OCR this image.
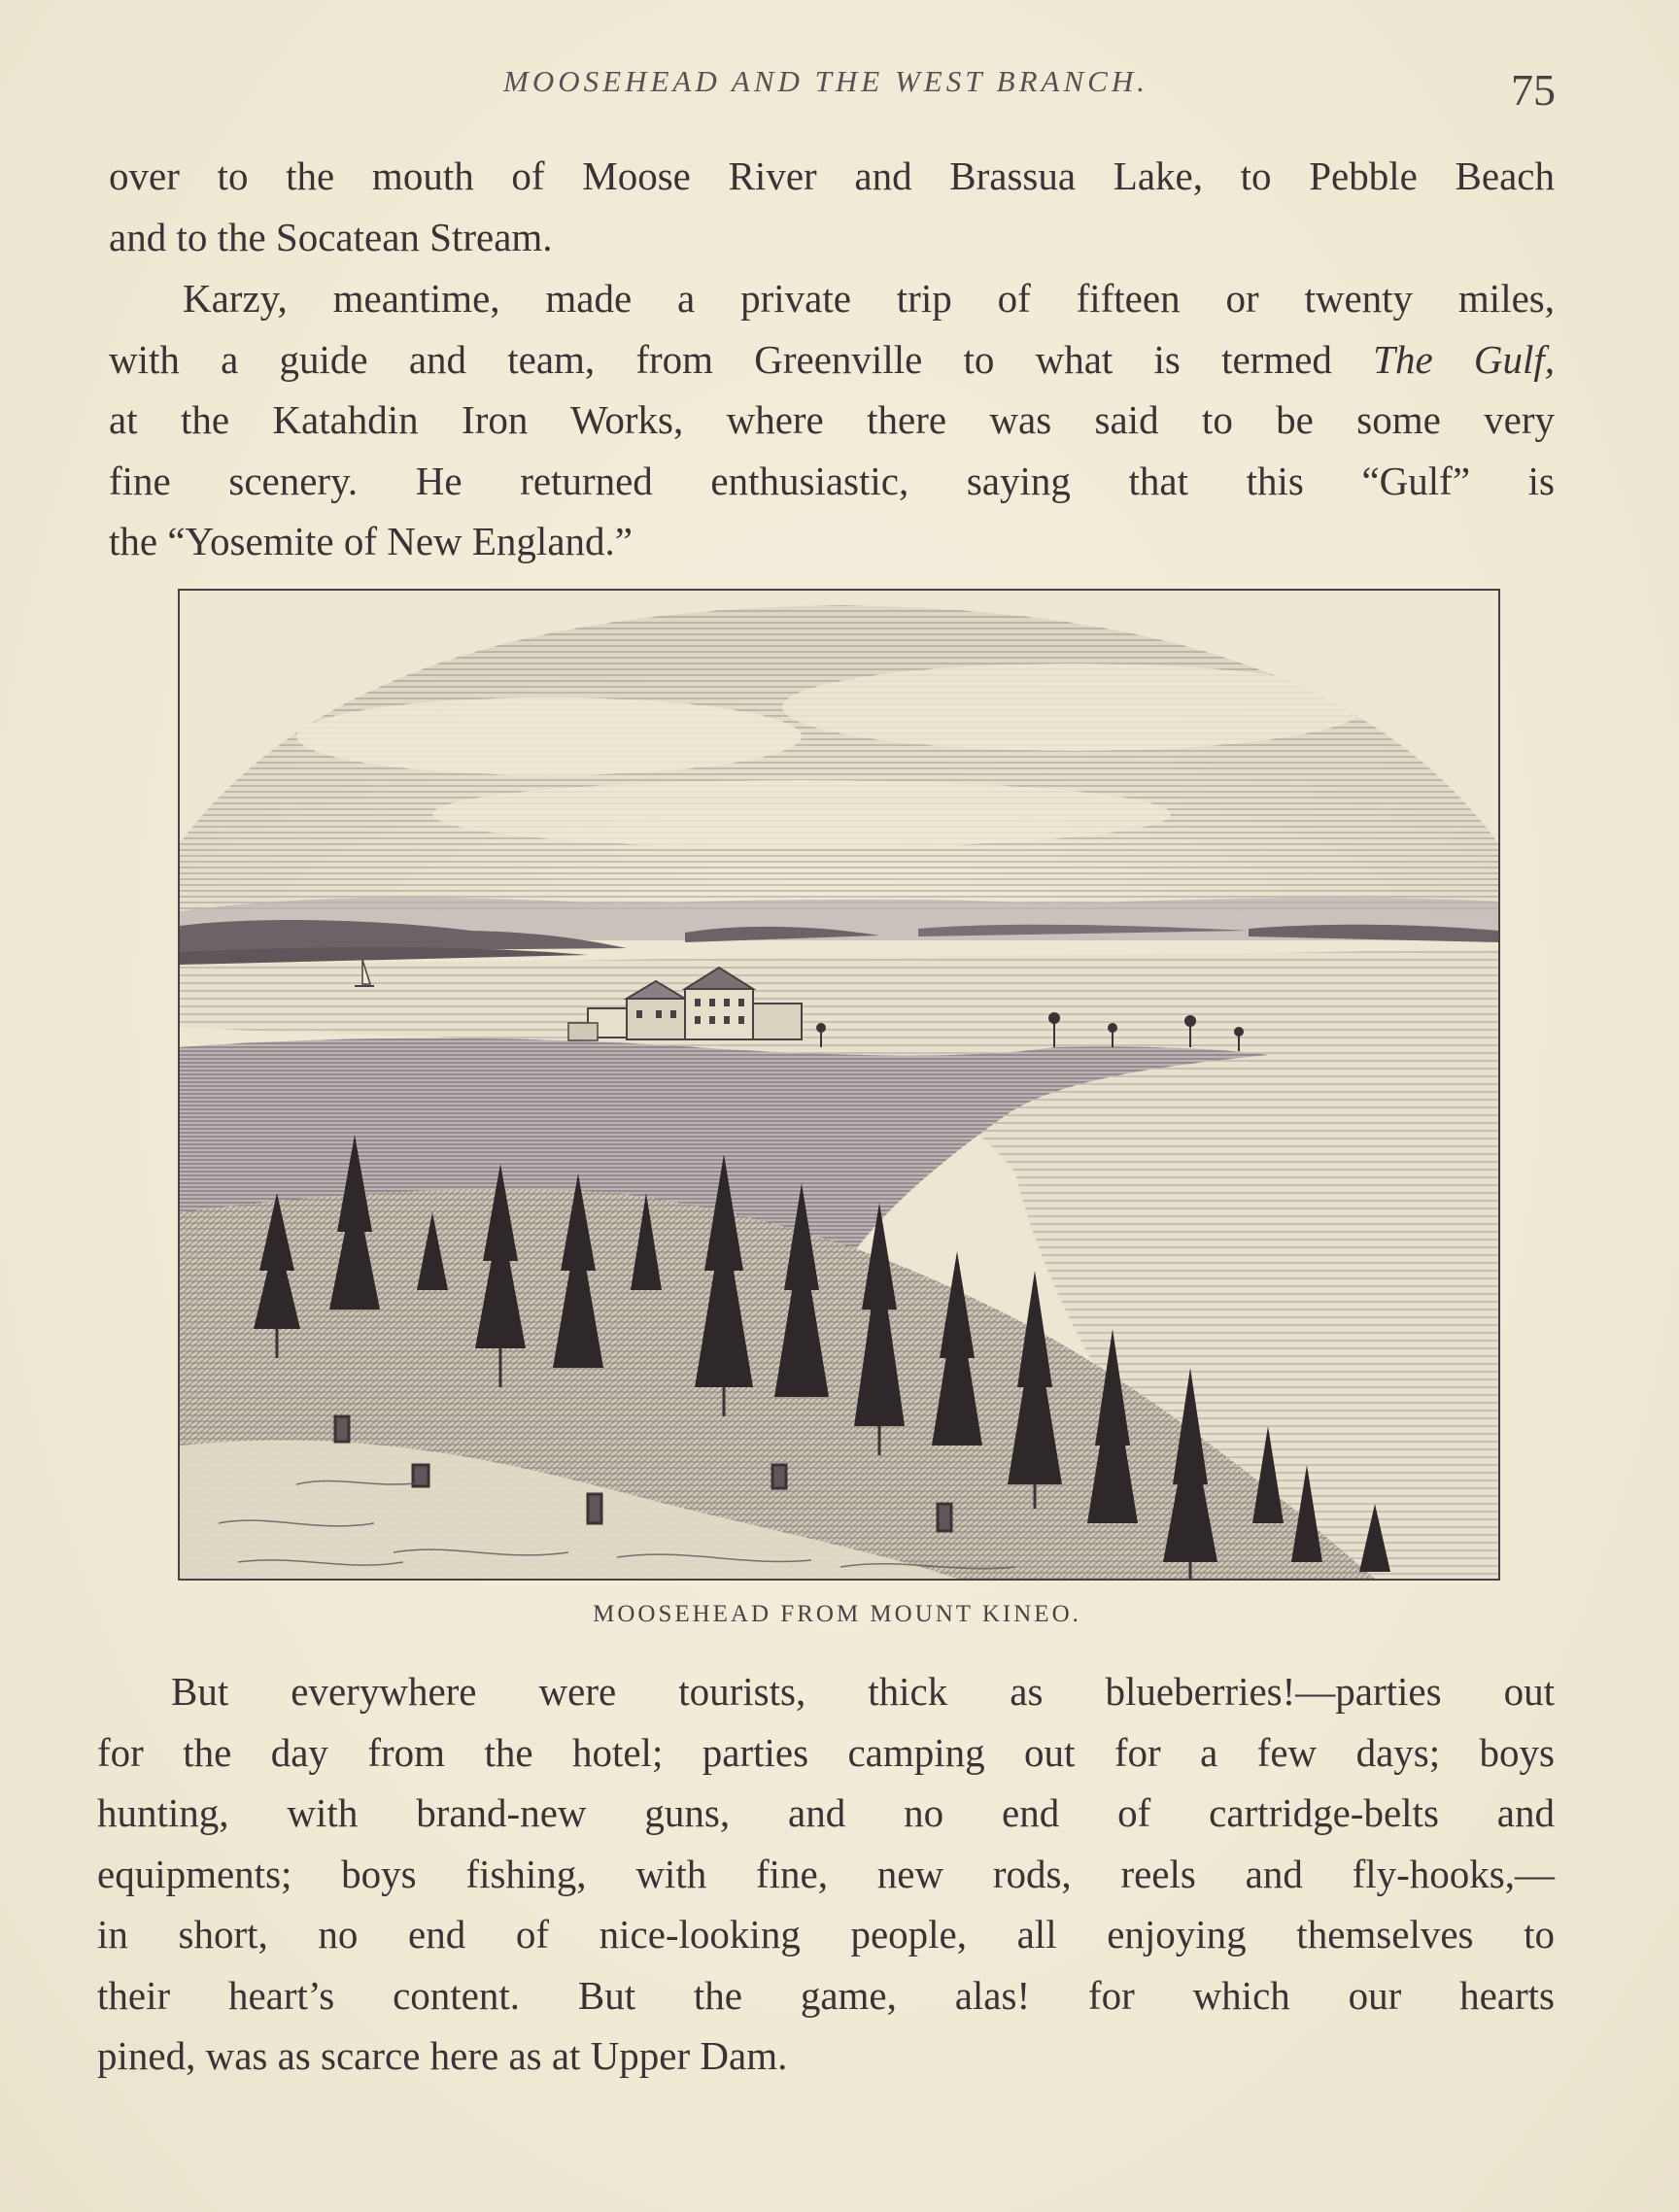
MOOSEHEAD AND THE WEST BRANCH.	75
over to the mouth of Moose River and Brassua Lake, to Pebble Beach
and to the Socatean Stream.
Karzy, meantime, made a private trip of fifteen or twenty miles,
with a guide and team, from Greenville to what is termed The Gulf,
at the Katahdin Iron Works, where there was said to be some very
fine scenery. He returned enthusiastic, saying that this “Gulf” is
the “Yosemite of New England.”
MOOSEHEAD FROM MOUNT KINEO.
But everywhere were tourists, thick as blueberries!—parties out
for the day from the hotel; parties camping out for a few days; boys
hunting, with brand-new guns, and no end of cartridge-belts and
equipments; boys fishing, with fine, new rods, reels and fly-hooks,—
in short, no end of nice-looking people, all enjoying themselves to
their heart’s content. But the game, alas! for which our hearts
pined, was as scarce here as at Upper Dam.
